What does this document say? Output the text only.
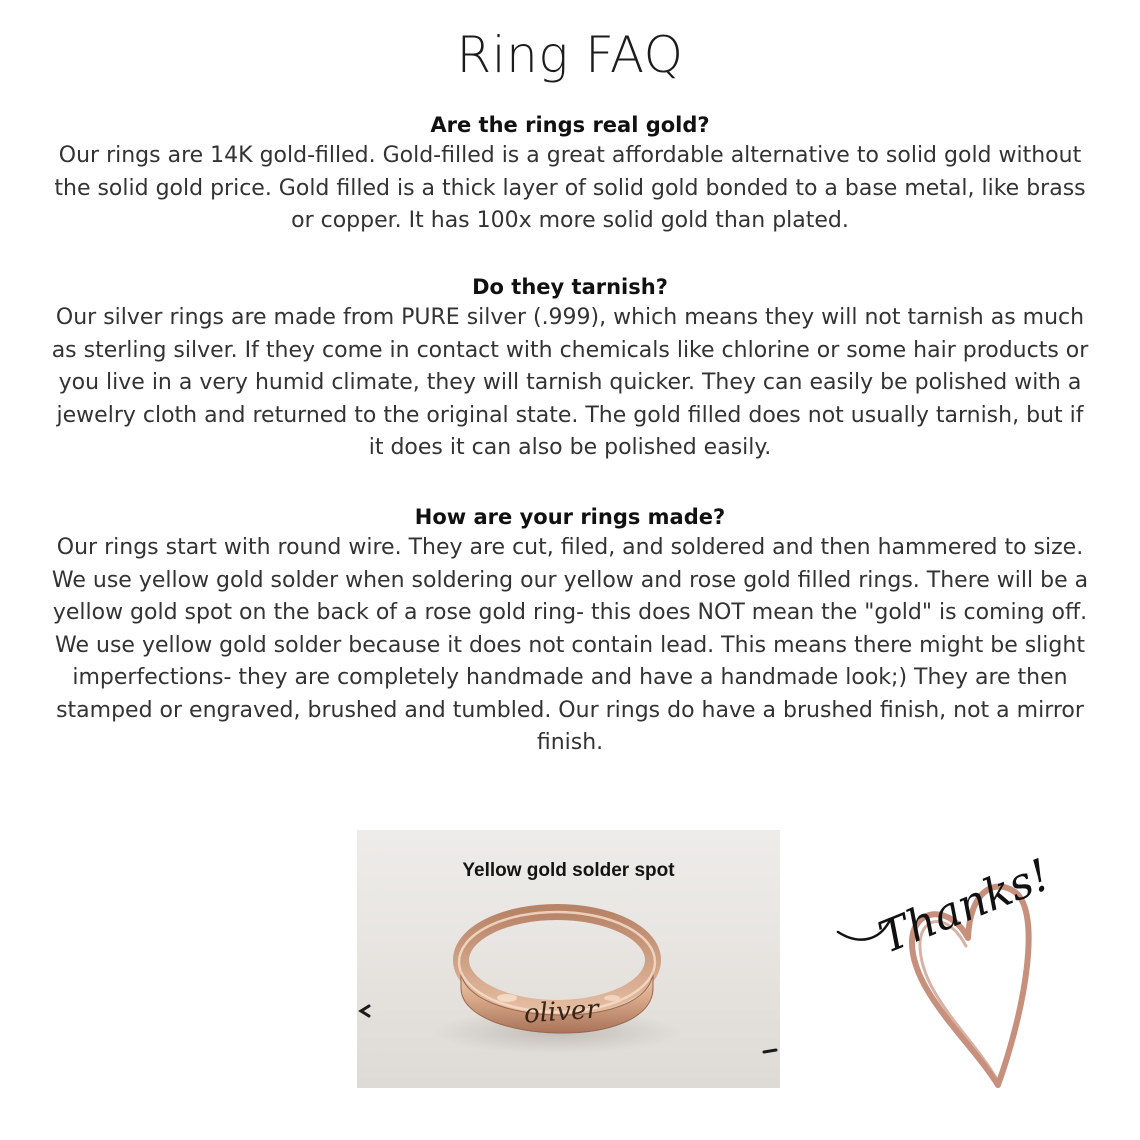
Ring FAQ
Are the rings real gold?
Our rings are 14K gold-filled. Gold-filled is a great affordable alternative to solid gold without
the solid gold price. Gold filled is a thick layer of solid gold bonded to a base metal, like brass
or copper. It has 100x more solid gold than plated.
Do they tarnish?
Our silver rings are made from PURE silver (.999), which means they will not tarnish as much
as sterling silver. If they come in contact with chemicals like chlorine or some hair products or
you live in a very humid climate, they will tarnish quicker. They can easily be polished with a
jewelry cloth and returned to the original state. The gold filled does not usually tarnish, but if
it does it can also be polished easily.
How are your rings made?
Our rings start with round wire. They are cut, filed, and soldered and then hammered to size.
We use yellow gold solder when soldering our yellow and rose gold filled rings. There will be a
yellow gold spot on the back of a rose gold ring- this does NOT mean the "gold" is coming off.
We use yellow gold solder because it does not contain lead. This means there might be slight
imperfections- they are completely handmade and have a handmade look;) They are then
stamped or engraved, brushed and tumbled. Our rings do have a brushed finish, not a mirror
finish.
oliver
Yellow gold solder spot	Thanks!
